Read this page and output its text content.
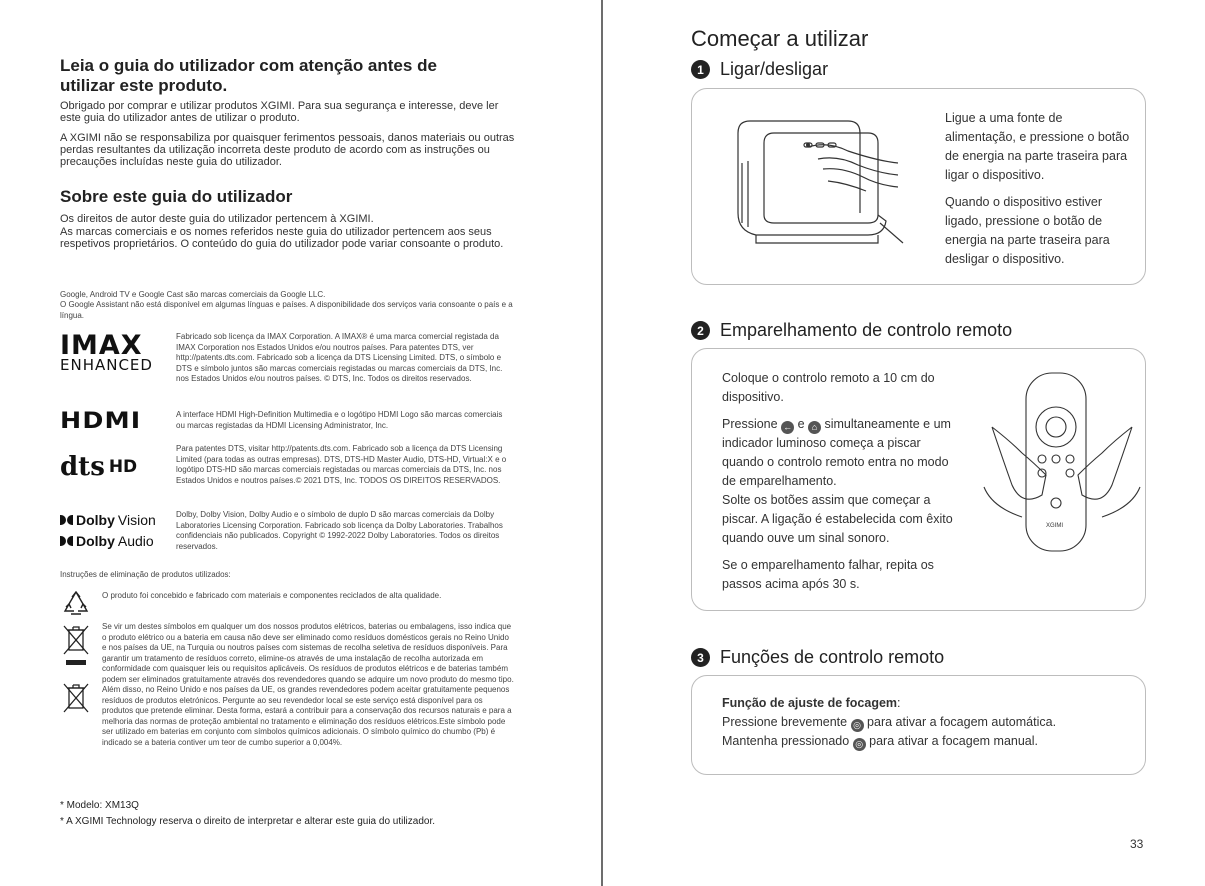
Leia o guia do utilizador com atenção antes de utilizar este produto.
Obrigado por comprar e utilizar produtos XGIMI. Para sua segurança e interesse, deve ler este guia do utilizador antes de utilizar o produto.
A XGIMI não se responsabiliza por quaisquer ferimentos pessoais, danos materiais ou outras perdas resultantes da utilização incorreta deste produto de acordo com as instruções ou precauções incluídas neste guia do utilizador.
Sobre este guia do utilizador
Os direitos de autor deste guia do utilizador pertencem à XGIMI.
As marcas comerciais e os nomes referidos neste guia do utilizador pertencem aos seus respetivos proprietários. O conteúdo do guia do utilizador pode variar consoante o produto.
Google, Android TV e Google Cast são marcas comerciais da Google LLC.
O Google Assistant não está disponível em algumas línguas e países. A disponibilidade dos serviços varia consoante o país e a língua.
IMAX
ENHANCED
Fabricado sob licença da IMAX Corporation. A IMAX® é uma marca comercial registada da IMAX Corporation nos Estados Unidos e/ou noutros países. Para patentes DTS, ver http://patents.dts.com. Fabricado sob a licença da DTS Licensing Limited. DTS, o símbolo e DTS e símbolo juntos são marcas comerciais registadas ou marcas comerciais da DTS, Inc. nos Estados Unidos e/ou noutros países. © DTS, Inc. Todos os direitos reservados.
HDMI	A interface HDMI High-Definition Multimedia e o logótipo HDMI Logo são marcas comerciais ou marcas registadas da HDMI Licensing Administrator, Inc.
dts HD
Para patentes DTS, visitar http://patents.dts.com. Fabricado sob a licença da DTS Licensing Limited (para todas as outras empresas). DTS, DTS-HD Master Audio, DTS-HD, Virtual:X e o logótipo DTS-HD são marcas comerciais registadas ou marcas comerciais da DTS, Inc. nos Estados Unidos e noutros países.© 2021 DTS, Inc. TODOS OS DIREITOS RESERVADOS.
Dolby Vision
Dolby Audio
Dolby, Dolby Vision, Dolby Audio e o símbolo de duplo D são marcas comerciais da Dolby Laboratories Licensing Corporation. Fabricado sob licença da Dolby Laboratories. Trabalhos confidenciais não publicados. Copyright © 1992-2022 Dolby Laboratories. Todos os direitos reservados.
Instruções de eliminação de produtos utilizados:
O produto foi concebido e fabricado com materiais e componentes reciclados de alta qualidade.
Se vir um destes símbolos em qualquer um dos nossos produtos elétricos, baterias ou embalagens, isso indica que o produto elétrico ou a bateria em causa não deve ser eliminado como resíduos domésticos gerais no Reino Unido e nos países da UE, na Turquia ou noutros países com sistemas de recolha seletiva de resíduos disponíveis. Para garantir um tratamento de resíduos correto, elimine-os através de uma instalação de recolha autorizada em conformidade com quaisquer leis ou requisitos aplicáveis. Os resíduos de produtos elétricos e de baterias também podem ser eliminados gratuitamente através dos revendedores quando se adquire um novo produto do mesmo tipo. Além disso, no Reino Unido e nos países da UE, os grandes revendedores podem aceitar gratuitamente pequenos resíduos de produtos eletrónicos. Pergunte ao seu revendedor local se este serviço está disponível para os produtos que pretende eliminar. Desta forma, estará a contribuir para a conservação dos recursos naturais e para a melhoria das normas de proteção ambiental no tratamento e eliminação dos resíduos elétricos.Este símbolo pode ser utilizado em baterias em conjunto com símbolos químicos adicionais. O símbolo químico do chumbo (Pb) é indicado se a bateria contiver um teor de cumbo superior a 0,004%.
* Modelo: XM13Q
* A XGIMI Technology reserva o direito de interpretar e alterar este guia do utilizador.
Começar a utilizar
1 Ligar/desligar

Ligue a uma fonte de alimentação, e pressione o botão de energia na parte traseira para ligar o dispositivo.

Quando o dispositivo estiver ligado, pressione o botão de energia na parte traseira para desligar o dispositivo.

2 Emparelhamento de controlo remoto

Coloque o controlo remoto a 10 cm do dispositivo.

Pressione ← e ⌂ simultaneamente e um indicador luminoso começa a piscar quando o controlo remoto entra no modo de emparelhamento.

Solte os botões assim que começar a piscar. A ligação é estabelecida com êxito quando ouve um sinal sonoro.

Se o emparelhamento falhar, repita os passos acima após 30 s.

XGIMI
3 Funções de controlo remoto
Função de ajuste de focagem:
Pressione brevemente ◎ para ativar a focagem automática.
Mantenha pressionado ◎ para ativar a focagem manual.
33
